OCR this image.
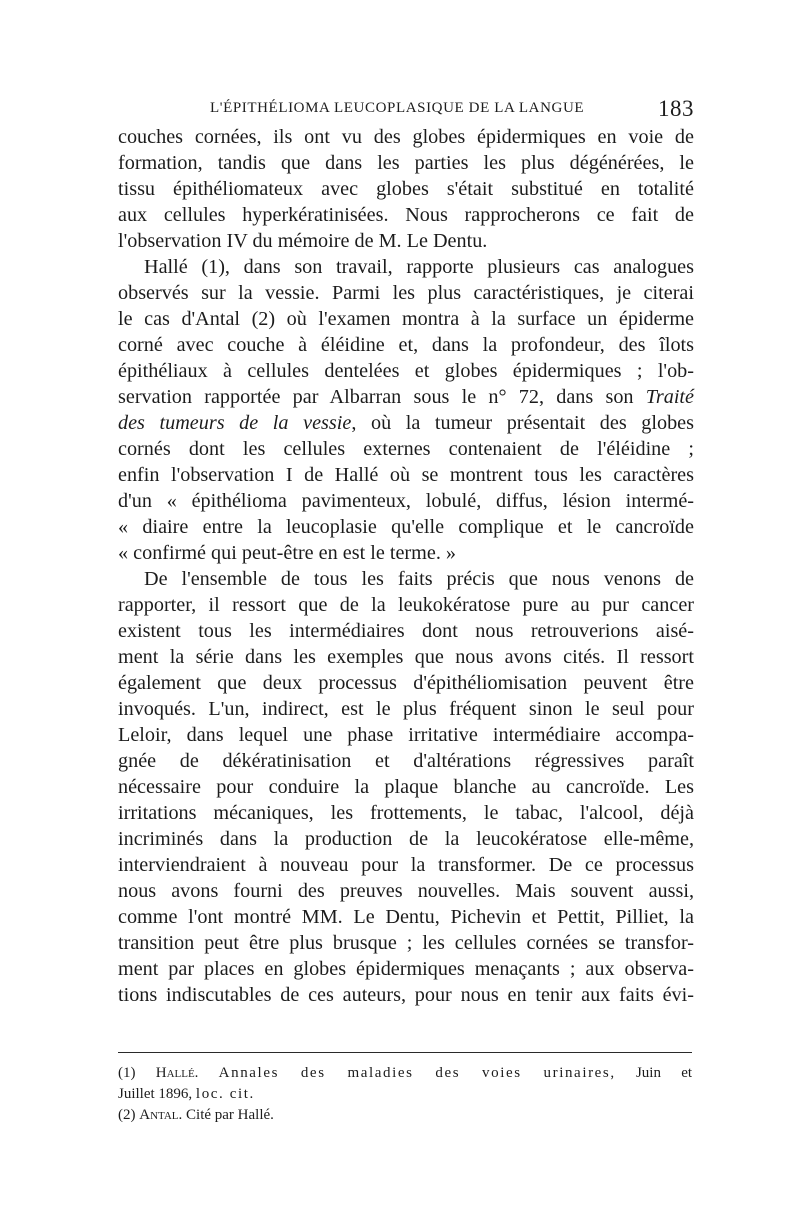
L'ÉPITHÉLIOMA LEUCOPLASIQUE DE LA LANGUE	183
couches cornées, ils ont vu des globes épidermiques en voie de
formation, tandis que dans les parties les plus dégénérées, le
tissu épithéliomateux avec globes s'était substitué en totalité
aux cellules hyperkératinisées. Nous rapprocherons ce fait de
l'observation IV du mémoire de M. Le Dentu.
Hallé (1), dans son travail, rapporte plusieurs cas analogues
observés sur la vessie. Parmi les plus caractéristiques, je citerai
le cas d'Antal (2) où l'examen montra à la surface un épiderme
corné avec couche à éléidine et, dans la profondeur, des îlots
épithéliaux à cellules dentelées et globes épidermiques ; l'ob-
servation rapportée par Albarran sous le n° 72, dans son Traité
des tumeurs de la vessie, où la tumeur présentait des globes
cornés dont les cellules externes contenaient de l'éléidine ;
enfin l'observation I de Hallé où se montrent tous les caractères
d'un « épithélioma pavimenteux, lobulé, diffus, lésion intermé-
« diaire entre la leucoplasie qu'elle complique et le cancroïde
« confirmé qui peut-être en est le terme. »
De l'ensemble de tous les faits précis que nous venons de
rapporter, il ressort que de la leukokératose pure au pur cancer
existent tous les intermédiaires dont nous retrouverions aisé-
ment la série dans les exemples que nous avons cités. Il ressort
également que deux processus d'épithéliomisation peuvent être
invoqués. L'un, indirect, est le plus fréquent sinon le seul pour
Leloir, dans lequel une phase irritative intermédiaire accompa-
gnée de dékératinisation et d'altérations régressives paraît
nécessaire pour conduire la plaque blanche au cancroïde. Les
irritations mécaniques, les frottements, le tabac, l'alcool, déjà
incriminés dans la production de la leucokératose elle-même,
interviendraient à nouveau pour la transformer. De ce processus
nous avons fourni des preuves nouvelles. Mais souvent aussi,
comme l'ont montré MM. Le Dentu, Pichevin et Pettit, Pilliet, la
transition peut être plus brusque ; les cellules cornées se transfor-
ment par places en globes épidermiques menaçants ; aux observa-
tions indiscutables de ces auteurs, pour nous en tenir aux faits évi-
(1) Hallé. Annales des maladies des voies urinaires, Juin et
Juillet 1896, loc. cit.
(2) Antal. Cité par Hallé.
